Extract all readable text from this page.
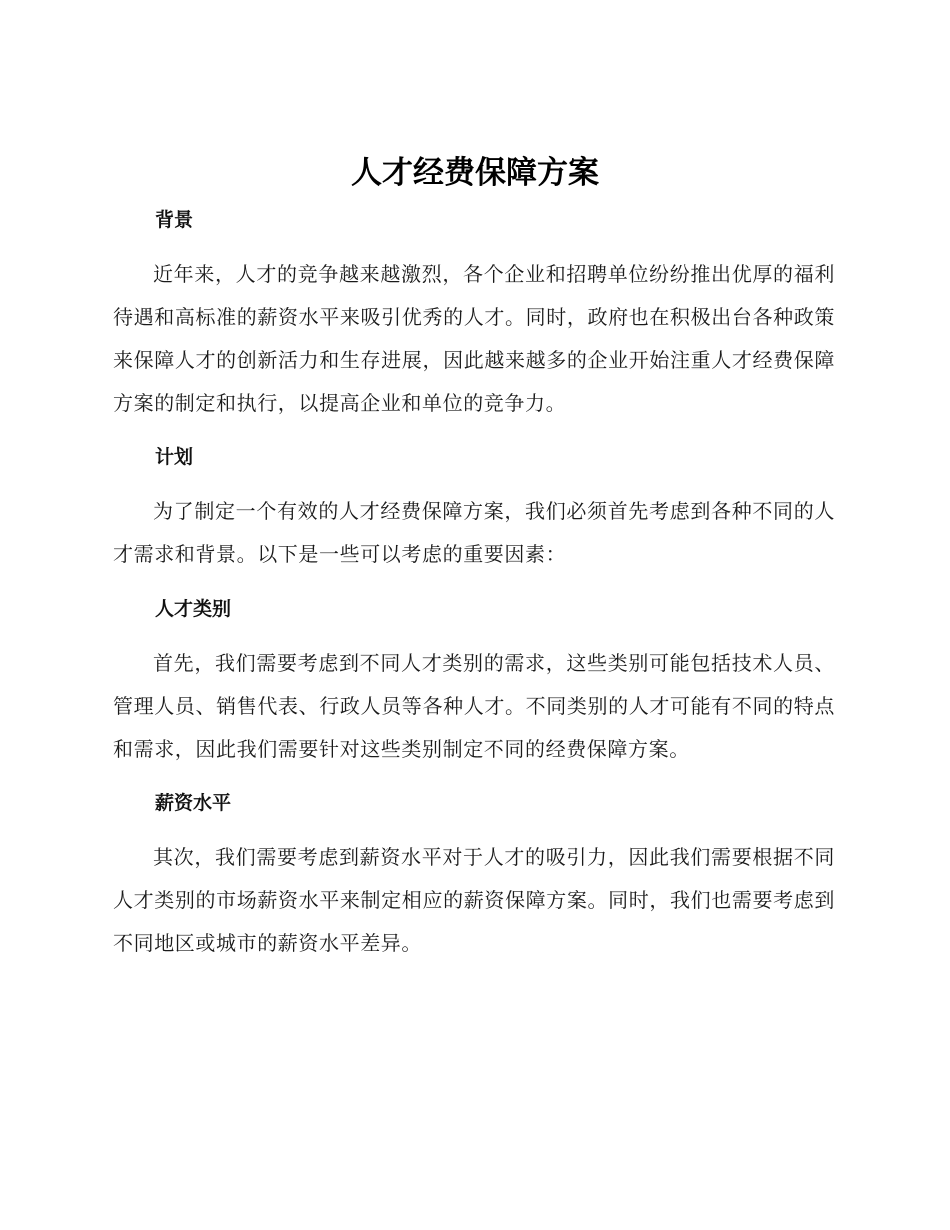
人才经费保障方案
背景

近年来，人才的竞争越来越激烈，各个企业和招聘单位纷纷推出优厚的福利待遇和高标准的薪资水平来吸引优秀的人才。同时，政府也在积极出台各种政策来保障人才的创新活力和生存进展，因此越来越多的企业开始注重人才经费保障方案的制定和执行，以提高企业和单位的竞争力。

计划

为了制定一个有效的人才经费保障方案，我们必须首先考虑到各种不同的人才需求和背景。以下是一些可以考虑的重要因素：

人才类别

首先，我们需要考虑到不同人才类别的需求，这些类别可能包括技术人员、管理人员、销售代表、行政人员等各种人才。不同类别的人才可能有不同的特点和需求，因此我们需要针对这些类别制定不同的经费保障方案。

薪资水平

其次，我们需要考虑到薪资水平对于人才的吸引力，因此我们需要根据不同人才类别的市场薪资水平来制定相应的薪资保障方案。同时，我们也需要考虑到不同地区或城市的薪资水平差异。
